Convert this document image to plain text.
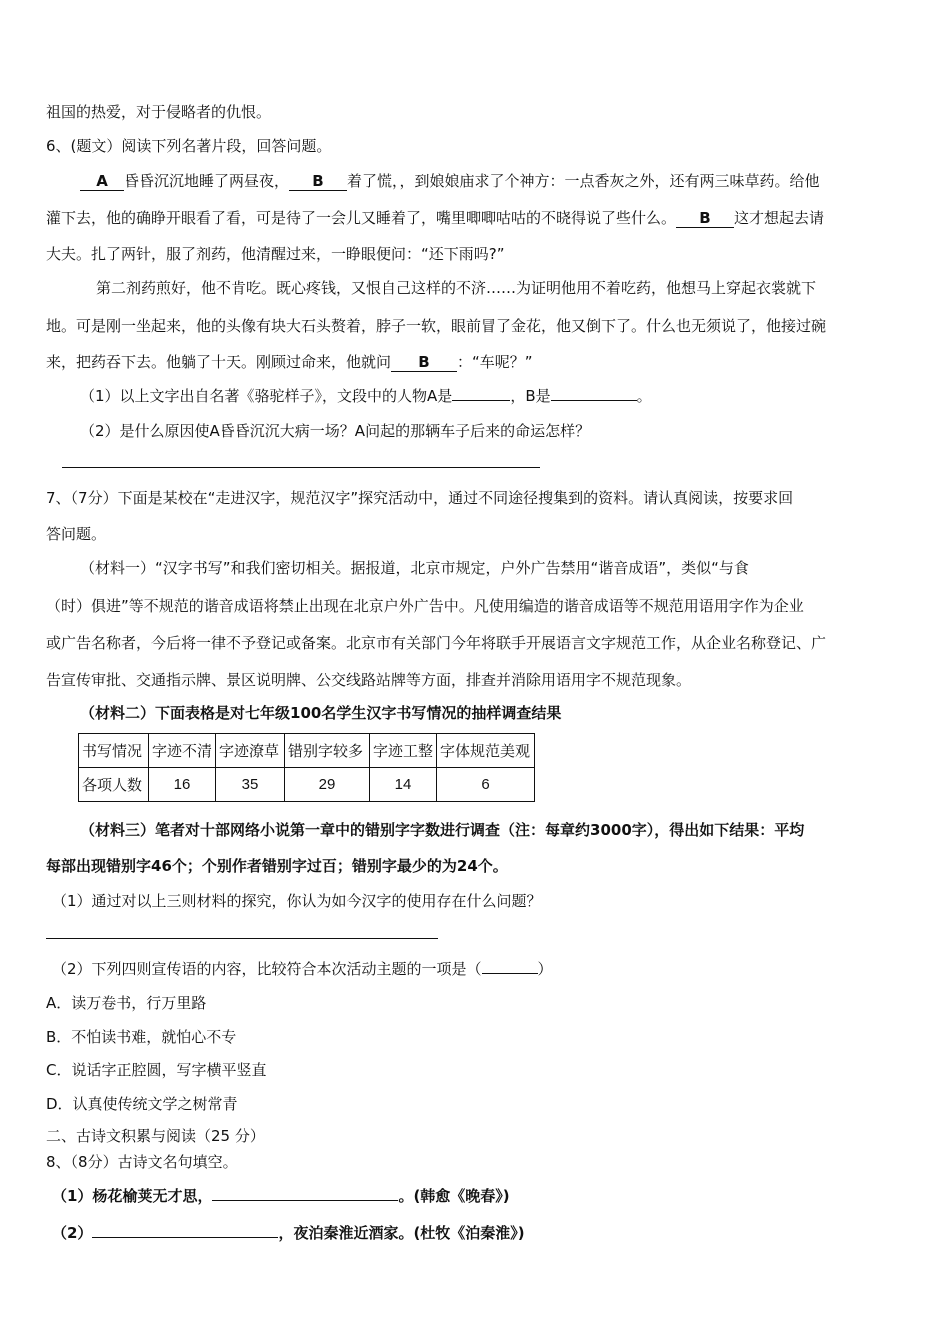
祖国的热爱，对于侵略者的仇恨。
6、(题文）阅读下列名著片段，回答问题。
A 昏昏沉沉地睡了两昼夜， B 着了慌，，到娘娘庙求了个神方：一点香灰之外，还有两三味草药。给他
灌下去，他的确睁开眼看了看，可是待了一会儿又睡着了，嘴里唧唧咕咕的不晓得说了些什么。 B 这才想起去请
大夫。扎了两针，服了剂药，他清醒过来，一睁眼便问：“还下雨吗?”
第二剂药煎好，他不肯吃。既心疼钱，又恨自己这样的不济……为证明他用不着吃药，他想马上穿起衣裳就下
地。可是刚一坐起来，他的头像有块大石头赘着，脖子一软，眼前冒了金花，他又倒下了。什么也无须说了，他接过碗
来，把药吞下去。他躺了十天。刚顾过命来，他就问 B ：“车呢？”
（1）以上文字出自名著《骆驼样子》，文段中的人物A是	，B是	。
（2）是什么原因使A昏昏沉沉大病一场？A问起的那辆车子后来的命运怎样？
7、（7分）下面是某校在“走进汉字，规范汉字”探究活动中，通过不同途径搜集到的资料。请认真阅读，按要求回
答问题。
（材料一）“汉字书写”和我们密切相关。据报道，北京市规定，户外广告禁用“谐音成语”，类似“与食
（时）俱进”等不规范的谐音成语将禁止出现在北京户外广告中。凡使用编造的谐音成语等不规范用语用字作为企业
或广告名称者，今后将一律不予登记或备案。北京市有关部门今年将联手开展语言文字规范工作，从企业名称登记、广
告宣传审批、交通指示牌、景区说明牌、公交线路站牌等方面，排查并消除用语用字不规范现象。
（材料二）下面表格是对七年级100名学生汉字书写情况的抽样调查结果
书写情况	字迹不清	字迹潦草	错别字较多	字迹工整	字体规范美观
各项人数	16	35	29	14	6
（材料三）笔者对十部网络小说第一章中的错别字字数进行调查（注：每章约3000字），得出如下结果：平均
每部出现错别字46个；个别作者错别字过百；错别字最少的为24个。
（1）通过对以上三则材料的探究，你认为如今汉字的使用存在什么问题？
（2）下列四则宣传语的内容，比较符合本次活动主题的一项是（	）
A．读万卷书，行万里路
B．不怕读书难，就怕心不专
C．说话字正腔圆，写字横平竖直
D．认真使传统文学之树常青
二、古诗文积累与阅读（25 分）
8、（8分）古诗文名句填空。
（1）杨花榆荚无才思，	。(韩愈《晚春》)
（2）	，夜泊秦淮近酒家。(杜牧《泊秦淮》)
